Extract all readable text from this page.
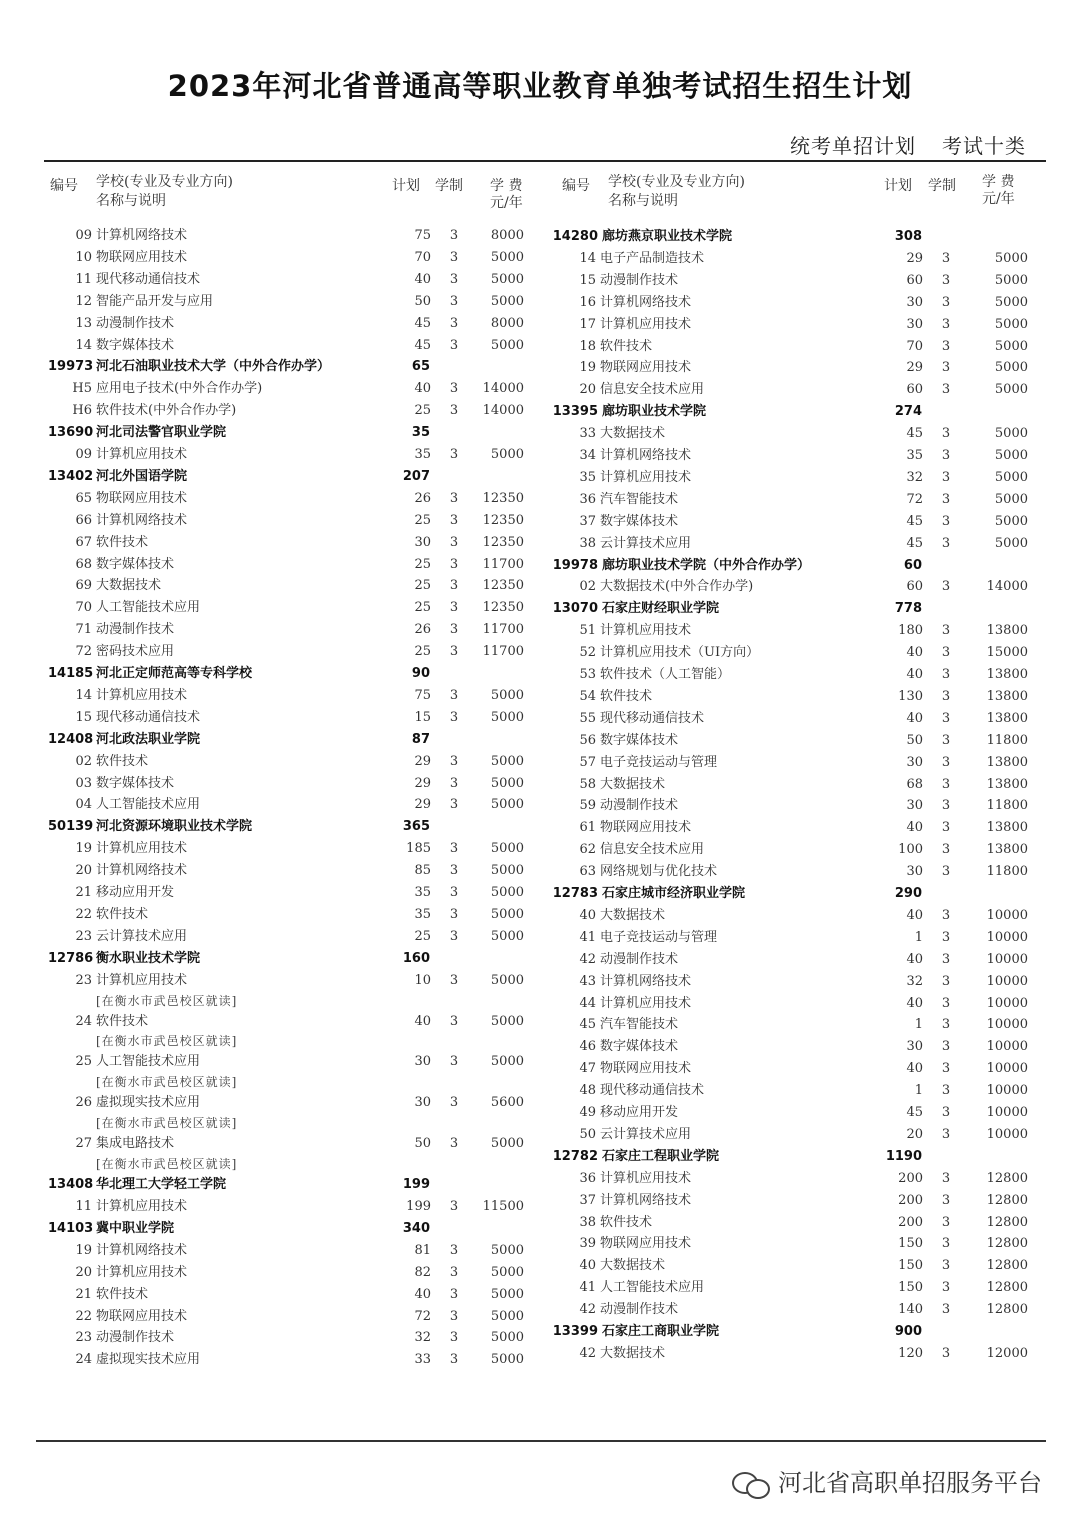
2023年河北省普通高等职业教育单独考试招生招生计划
统考单招计划 考试十类
编号 学校(专业及专业方向)
名称与说明
计划 学制 学 费
元/年
09 计算机网络技术	75 3	8000
10 物联网应用技术	70 3	5000
11 现代移动通信技术	40 3	5000
12 智能产品开发与应用	50 3	5000
13 动漫制作技术	45 3	8000
14 数字媒体技术	45 3	5000
19973 河北石油职业技术大学（中外合作办学）	65
H5 应用电子技术(中外合作办学)	40 3	14000
H6 软件技术(中外合作办学)	25 3	14000
13690 河北司法警官职业学院	35
09 计算机应用技术	35 3	5000
13402 河北外国语学院	207
65 物联网应用技术	26 3	12350
66 计算机网络技术	25 3	12350
67 软件技术	30 3	12350
68 数字媒体技术	25 3	11700
69 大数据技术	25 3	12350
70 人工智能技术应用	25 3	12350
71 动漫制作技术	26 3	11700
72 密码技术应用	25 3	11700
14185 河北正定师范高等专科学校	90
14 计算机应用技术	75 3	5000
15 现代移动通信技术	15 3	5000
12408 河北政法职业学院	87
02 软件技术	29 3	5000
03 数字媒体技术	29 3	5000
04 人工智能技术应用	29 3	5000
50139 河北资源环境职业技术学院	365
19 计算机应用技术	185 3	5000
20 计算机网络技术	85 3	5000
21 移动应用开发	35 3	5000
22 软件技术	35 3	5000
23 云计算技术应用	25 3	5000
12786 衡水职业技术学院	160
23 计算机应用技术	10 3	5000
[在衡水市武邑校区就读]
24 软件技术	40 3	5000
[在衡水市武邑校区就读]
25 人工智能技术应用	30 3	5000
[在衡水市武邑校区就读]
26 虚拟现实技术应用	30 3	5600
[在衡水市武邑校区就读]
27 集成电路技术	50 3	5000
[在衡水市武邑校区就读]
13408 华北理工大学轻工学院	199
11 计算机应用技术	199 3	11500
14103 冀中职业学院	340
19 计算机网络技术	81 3	5000
20 计算机应用技术	82 3	5000
21 软件技术	40 3	5000
22 物联网应用技术	72 3	5000
23 动漫制作技术	32 3	5000
24 虚拟现实技术应用	33 3	5000
编号 学校(专业及专业方向)
名称与说明
计划 学制 学 费
元/年
14280 廊坊燕京职业技术学院	308
14 电子产品制造技术	29 3	5000
15 动漫制作技术	60 3	5000
16 计算机网络技术	30 3	5000
17 计算机应用技术	30 3	5000
18 软件技术	70 3	5000
19 物联网应用技术	29 3	5000
20 信息安全技术应用	60 3	5000
13395 廊坊职业技术学院	274
33 大数据技术	45 3	5000
34 计算机网络技术	35 3	5000
35 计算机应用技术	32 3	5000
36 汽车智能技术	72 3	5000
37 数字媒体技术	45 3	5000
38 云计算技术应用	45 3	5000
19978 廊坊职业技术学院（中外合作办学）	60
02 大数据技术(中外合作办学)	60 3	14000
13070 石家庄财经职业学院	778
51 计算机应用技术	180 3	13800
52 计算机应用技术（UI方向）	40 3	15000
53 软件技术（人工智能）	40 3	13800
54 软件技术	130 3	13800
55 现代移动通信技术	40 3	13800
56 数字媒体技术	50 3	11800
57 电子竞技运动与管理	30 3	13800
58 大数据技术	68 3	13800
59 动漫制作技术	30 3	11800
61 物联网应用技术	40 3	13800
62 信息安全技术应用	100 3	13800
63 网络规划与优化技术	30 3	11800
12783 石家庄城市经济职业学院	290
40 大数据技术	40 3	10000
41 电子竞技运动与管理	1 3	10000
42 动漫制作技术	40 3	10000
43 计算机网络技术	32 3	10000
44 计算机应用技术	40 3	10000
45 汽车智能技术	1 3	10000
46 数字媒体技术	30 3	10000
47 物联网应用技术	40 3	10000
48 现代移动通信技术	1 3	10000
49 移动应用开发	45 3	10000
50 云计算技术应用	20 3	10000
12782 石家庄工程职业学院	1190
36 计算机应用技术	200 3	12800
37 计算机网络技术	200 3	12800
38 软件技术	200 3	12800
39 物联网应用技术	150 3	12800
40 大数据技术	150 3	12800
41 人工智能技术应用	150 3	12800
42 动漫制作技术	140 3	12800
13399 石家庄工商职业学院	900
42 大数据技术	120 3	12000
河北省高职单招服务平台
